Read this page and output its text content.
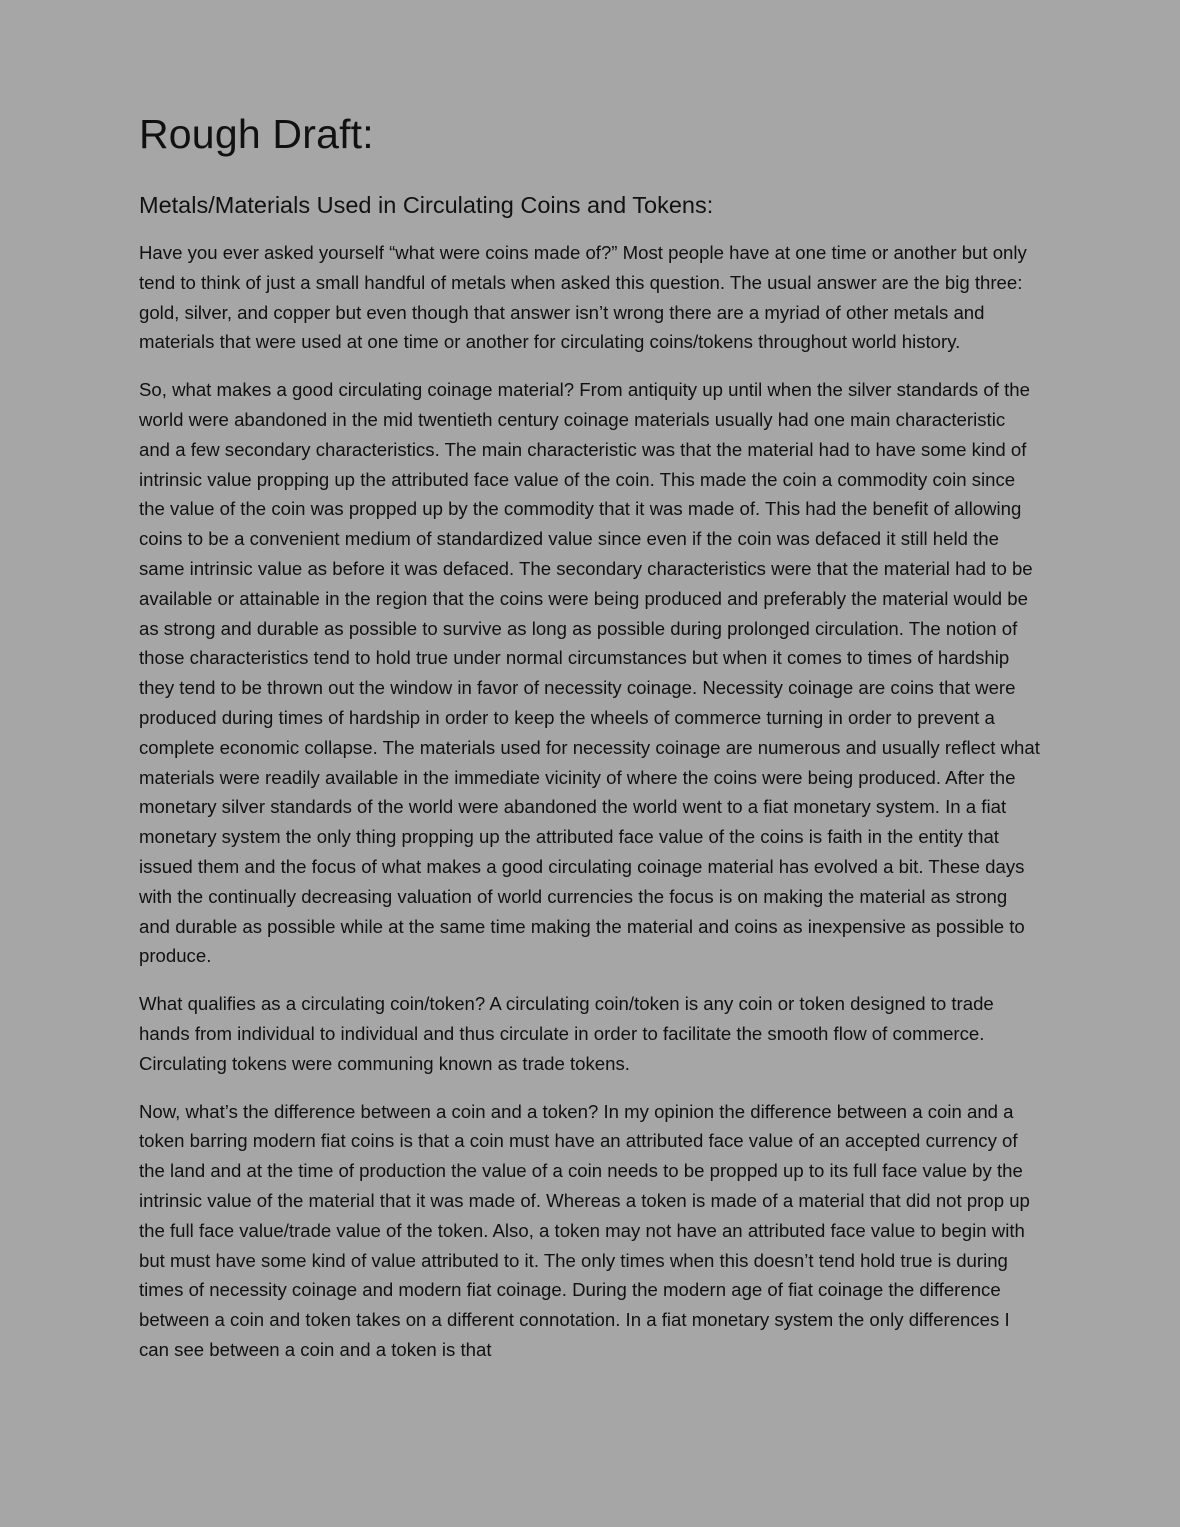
Rough Draft:
Metals/Materials Used in Circulating Coins and Tokens:

Have you ever asked yourself “what were coins made of?” Most people have at one time or another but only tend to think of just a small handful of metals when asked this question. The usual answer are the big three: gold, silver, and copper but even though that answer isn’t wrong there are a myriad of other metals and materials that were used at one time or another for circulating coins/tokens throughout world history.

So, what makes a good circulating coinage material? From antiquity up until when the silver standards of the world were abandoned in the mid twentieth century coinage materials usually had one main characteristic and a few secondary characteristics. The main characteristic was that the material had to have some kind of intrinsic value propping up the attributed face value of the coin. This made the coin a commodity coin since the value of the coin was propped up by the commodity that it was made of. This had the benefit of allowing coins to be a convenient medium of standardized value since even if the coin was defaced it still held the same intrinsic value as before it was defaced. The secondary characteristics were that the material had to be available or attainable in the region that the coins were being produced and preferably the material would be as strong and durable as possible to survive as long as possible during prolonged circulation. The notion of those characteristics tend to hold true under normal circumstances but when it comes to times of hardship they tend to be thrown out the window in favor of necessity coinage. Necessity coinage are coins that were produced during times of hardship in order to keep the wheels of commerce turning in order to prevent a complete economic collapse. The materials used for necessity coinage are numerous and usually reflect what materials were readily available in the immediate vicinity of where the coins were being produced. After the monetary silver standards of the world were abandoned the world went to a fiat monetary system. In a fiat monetary system the only thing propping up the attributed face value of the coins is faith in the entity that issued them and the focus of what makes a good circulating coinage material has evolved a bit. These days with the continually decreasing valuation of world currencies the focus is on making the material as strong and durable as possible while at the same time making the material and coins as inexpensive as possible to produce.

What qualifies as a circulating coin/token? A circulating coin/token is any coin or token designed to trade hands from individual to individual and thus circulate in order to facilitate the smooth flow of commerce. Circulating tokens were communing known as trade tokens.

Now, what’s the difference between a coin and a token? In my opinion the difference between a coin and a token barring modern fiat coins is that a coin must have an attributed face value of an accepted currency of the land and at the time of production the value of a coin needs to be propped up to its full face value by the intrinsic value of the material that it was made of. Whereas a token is made of a material that did not prop up the full face value/trade value of the token. Also, a token may not have an attributed face value to begin with but must have some kind of value attributed to it. The only times when this doesn’t tend hold true is during times of necessity coinage and modern fiat coinage. During the modern age of fiat coinage the difference between a coin and token takes on a different connotation. In a fiat monetary system the only differences I can see between a coin and a token is that
